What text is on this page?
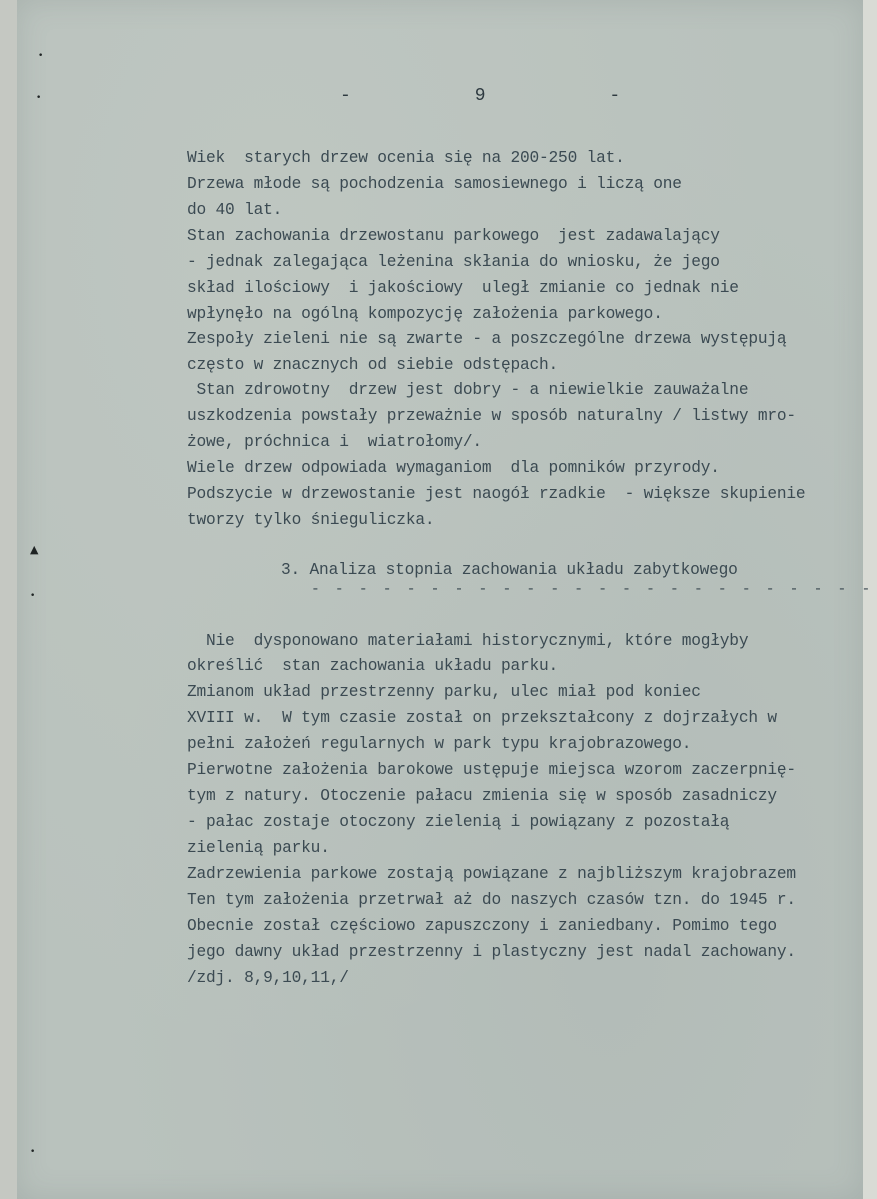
•
•
▲
•
•
-	9	-
Wiek  starych drzew ocenia się na 200-250 lat.
Drzewa młode są pochodzenia samosiewnego i liczą one
do 40 lat.
Stan zachowania drzewostanu parkowego  jest zadawalający
- jednak zalegająca leżenina skłania do wniosku, że jego
skład ilościowy  i jakościowy  uległ zmianie co jednak nie
wpłynęło na ogólną kompozycję założenia parkowego.
Zespoły zieleni nie są zwarte - a poszczególne drzewa występują
często w znacznych od siebie odstępach.
Stan zdrowotny  drzew jest dobry - a niewielkie zauważalne
uszkodzenia powstały przeważnie w sposób naturalny / listwy mro-
żowe, próchnica i  wiatrołomy/.
Wiele drzew odpowiada wymaganiom  dla pomników przyrody.
Podszycie w drzewostanie jest naogół rzadkie  - większe skupienie
tworzy tylko śnieguliczka.
3. Analiza stopnia zachowania układu zabytkowego
- - - - - - - - - - - - - - - - - - - - - - - -
Nie  dysponowano materiałami historycznymi, które mogłyby
określić  stan zachowania układu parku.
Zmianom układ przestrzenny parku, ulec miał pod koniec
XVIII w.  W tym czasie został on przekształcony z dojrzałych w
pełni założeń regularnych w park typu krajobrazowego.
Pierwotne założenia barokowe ustępuje miejsca wzorom zaczerpnię-
tym z natury. Otoczenie pałacu zmienia się w sposób zasadniczy
- pałac zostaje otoczony zielenią i powiązany z pozostałą
zielenią parku.
Zadrzewienia parkowe zostają powiązane z najbliższym krajobrazem
Ten tym założenia przetrwał aż do naszych czasów tzn. do 1945 r.
Obecnie został częściowo zapuszczony i zaniedbany. Pomimo tego
jego dawny układ przestrzenny i plastyczny jest nadal zachowany.
/zdj. 8,9,10,11,/
